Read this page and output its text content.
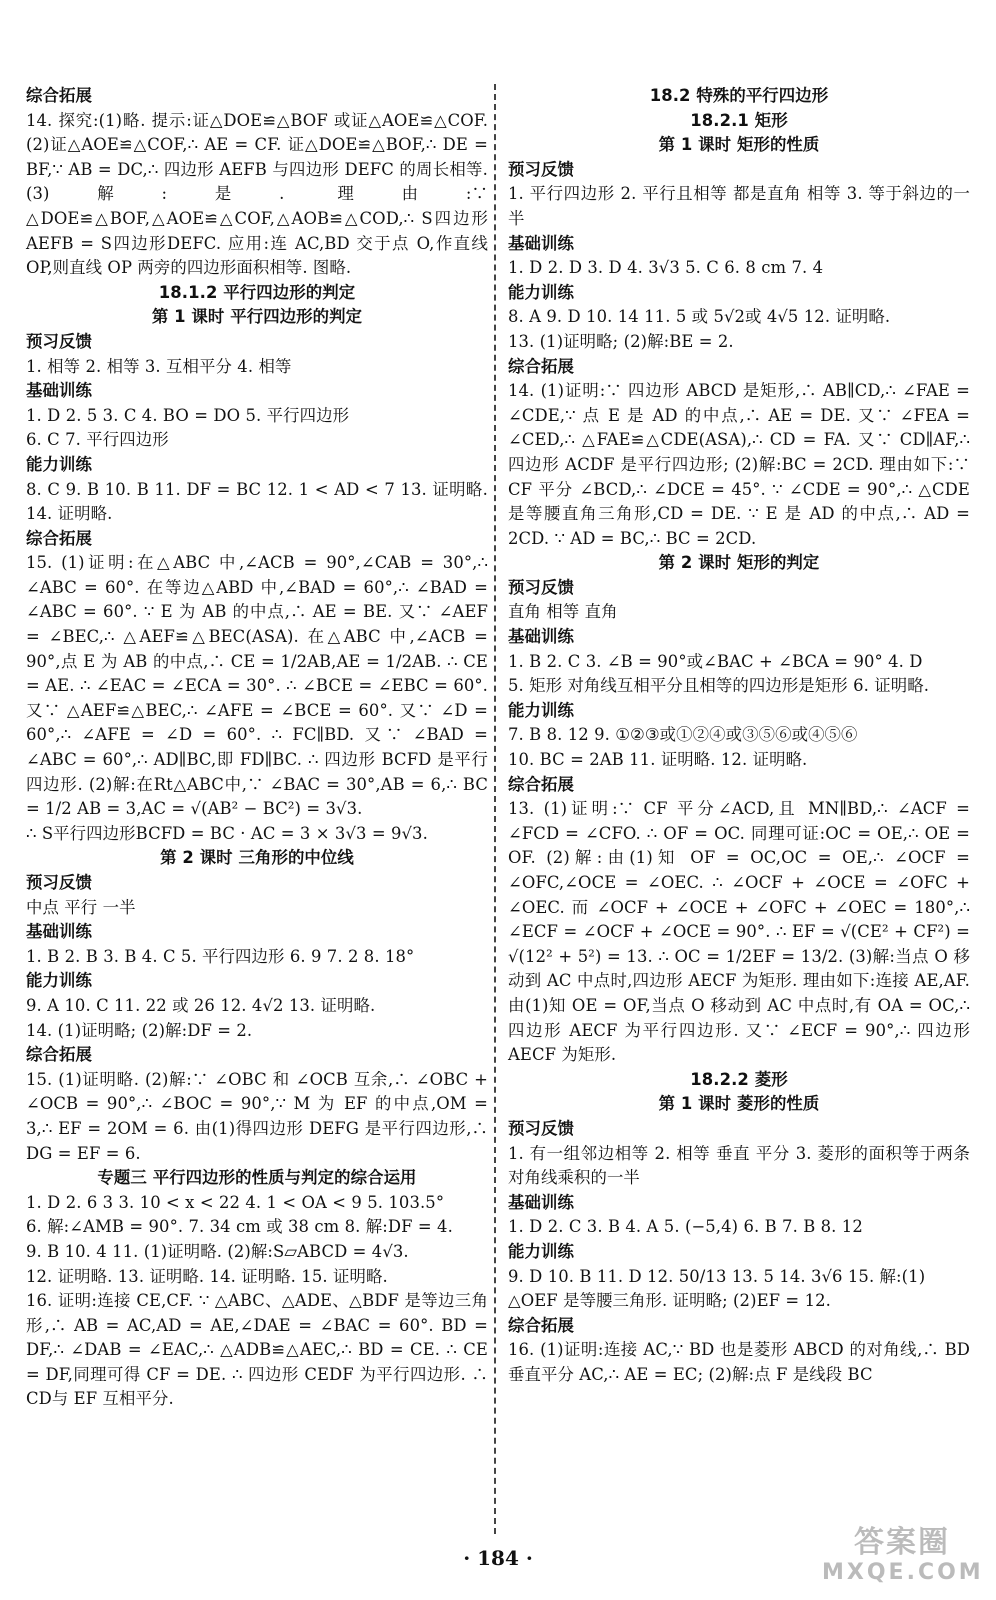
综合拓展
14. 探究:(1)略. 提示:证△DOE≌△BOF 或证△AOE≌△COF. (2)证△AOE≌△COF,∴ AE = CF. 证△DOE≌△BOF,∴ DE = BF,∵ AB = DC,∴ 四边形 AEFB 与四边形 DEFC 的周长相等. (3)解:是. 理由:∵ △DOE≌△BOF,△AOE≌△COF,△AOB≌△COD,∴ S四边形AEFB = S四边形DEFC. 应用:连 AC,BD 交于点 O,作直线 OP,则直线 OP 两旁的四边形面积相等. 图略.
18.1.2 平行四边形的判定
第 1 课时 平行四边形的判定
预习反馈
1. 相等 2. 相等 3. 互相平分 4. 相等
基础训练
1. D 2. 5 3. C 4. BO = DO 5. 平行四边形
6. C 7. 平行四边形
能力训练
8. C 9. B 10. B 11. DF = BC 12. 1 < AD < 7 13. 证明略. 14. 证明略.
综合拓展
15. (1)证明:在△ABC 中,∠ACB = 90°,∠CAB = 30°,∴ ∠ABC = 60°. 在等边△ABD 中,∠BAD = 60°,∴ ∠BAD = ∠ABC = 60°. ∵ E 为 AB 的中点,∴ AE = BE. 又∵ ∠AEF = ∠BEC,∴ △AEF≌△BEC(ASA). 在△ABC 中,∠ACB = 90°,点 E 为 AB 的中点,∴ CE = 1/2AB,AE = 1/2AB. ∴ CE = AE. ∴ ∠EAC = ∠ECA = 30°. ∴ ∠BCE = ∠EBC = 60°. 又∵ △AEF≌△BEC,∴ ∠AFE = ∠BCE = 60°. 又∵ ∠D = 60°,∴ ∠AFE = ∠D = 60°. ∴ FC∥BD. 又∵ ∠BAD = ∠ABC = 60°,∴ AD∥BC,即 FD∥BC. ∴ 四边形 BCFD 是平行四边形. (2)解:在Rt△ABC中,∵ ∠BAC = 30°,AB = 6,∴ BC = 1/2 AB = 3,AC = √(AB² − BC²) = 3√3.
∴ S平行四边形BCFD = BC · AC = 3 × 3√3 = 9√3.
第 2 课时 三角形的中位线
预习反馈
中点 平行 一半
基础训练
1. B 2. B 3. B 4. C 5. 平行四边形 6. 9 7. 2 8. 18°
能力训练
9. A 10. C 11. 22 或 26 12. 4√2 13. 证明略.
14. (1)证明略; (2)解:DF = 2.
综合拓展
15. (1)证明略. (2)解:∵ ∠OBC 和 ∠OCB 互余,∴ ∠OBC + ∠OCB = 90°,∴ ∠BOC = 90°,∵ M 为 EF 的中点,OM = 3,∴ EF = 2OM = 6. 由(1)得四边形 DEFG 是平行四边形,∴ DG = EF = 6.
专题三 平行四边形的性质与判定的综合运用
1. D 2. 6 3 3. 10 < x < 22 4. 1 < OA < 9 5. 103.5°
6. 解:∠AMB = 90°. 7. 34 cm 或 38 cm 8. 解:DF = 4.
9. B 10. 4 11. (1)证明略. (2)解:S▱ABCD = 4√3.
12. 证明略. 13. 证明略. 14. 证明略. 15. 证明略.
16. 证明:连接 CE,CF. ∵ △ABC、△ADE、△BDF 是等边三角形,∴ AB = AC,AD = AE,∠DAE = ∠BAC = 60°. BD = DF,∴ ∠DAB = ∠EAC,∴ △ADB≌△AEC,∴ BD = CE. ∴ CE = DF,同理可得 CF = DE. ∴ 四边形 CEDF 为平行四边形. ∴ CD与 EF 互相平分.
18.2 特殊的平行四边形
18.2.1 矩形
第 1 课时 矩形的性质
预习反馈
1. 平行四边形 2. 平行且相等 都是直角 相等 3. 等于斜边的一半
基础训练
1. D 2. D 3. D 4. 3√3 5. C 6. 8 cm 7. 4
能力训练
8. A 9. D 10. 14 11. 5 或 5√2或 4√5 12. 证明略.
13. (1)证明略; (2)解:BE = 2.
综合拓展
14. (1)证明:∵ 四边形 ABCD 是矩形,∴ AB∥CD,∴ ∠FAE = ∠CDE,∵ 点 E 是 AD 的中点,∴ AE = DE. 又∵ ∠FEA = ∠CED,∴ △FAE≌△CDE(ASA),∴ CD = FA. 又∵ CD∥AF,∴ 四边形 ACDF 是平行四边形; (2)解:BC = 2CD. 理由如下:∵ CF 平分 ∠BCD,∴ ∠DCE = 45°. ∵ ∠CDE = 90°,∴ △CDE 是等腰直角三角形,CD = DE. ∵ E 是 AD 的中点,∴ AD = 2CD. ∵ AD = BC,∴ BC = 2CD.
第 2 课时 矩形的判定
预习反馈
直角 相等 直角
基础训练
1. B 2. C 3. ∠B = 90°或∠BAC + ∠BCA = 90° 4. D
5. 矩形 对角线互相平分且相等的四边形是矩形 6. 证明略.
能力训练
7. B 8. 12 9. ①②③或①②④或③⑤⑥或④⑤⑥
10. BC = 2AB 11. 证明略. 12. 证明略.
综合拓展
13. (1)证明:∵ CF 平分∠ACD,且 MN∥BD,∴ ∠ACF = ∠FCD = ∠CFO. ∴ OF = OC. 同理可证:OC = OE,∴ OE = OF. (2)解:由(1)知 OF = OC,OC = OE,∴ ∠OCF = ∠OFC,∠OCE = ∠OEC. ∴ ∠OCF + ∠OCE = ∠OFC + ∠OEC. 而 ∠OCF + ∠OCE + ∠OFC + ∠OEC = 180°,∴ ∠ECF = ∠OCF + ∠OCE = 90°. ∴ EF = √(CE² + CF²) = √(12² + 5²) = 13. ∴ OC = 1/2EF = 13/2. (3)解:当点 O 移动到 AC 中点时,四边形 AECF 为矩形. 理由如下:连接 AE,AF. 由(1)知 OE = OF,当点 O 移动到 AC 中点时,有 OA = OC,∴ 四边形 AECF 为平行四边形. 又∵ ∠ECF = 90°,∴ 四边形AECF 为矩形.
18.2.2 菱形
第 1 课时 菱形的性质
预习反馈
1. 有一组邻边相等 2. 相等 垂直 平分 3. 菱形的面积等于两条对角线乘积的一半
基础训练
1. D 2. C 3. B 4. A 5. (−5,4) 6. B 7. B 8. 12
能力训练
9. D 10. B 11. D 12. 50/13 13. 5 14. 3√6 15. 解:(1)
△OEF 是等腰三角形. 证明略; (2)EF = 12.
综合拓展
16. (1)证明:连接 AC,∵ BD 也是菱形 ABCD 的对角线,∴ BD垂直平分 AC,∴ AE = EC; (2)解:点 F 是线段 BC
· 184 ·	答案圈
MXQE.COM
